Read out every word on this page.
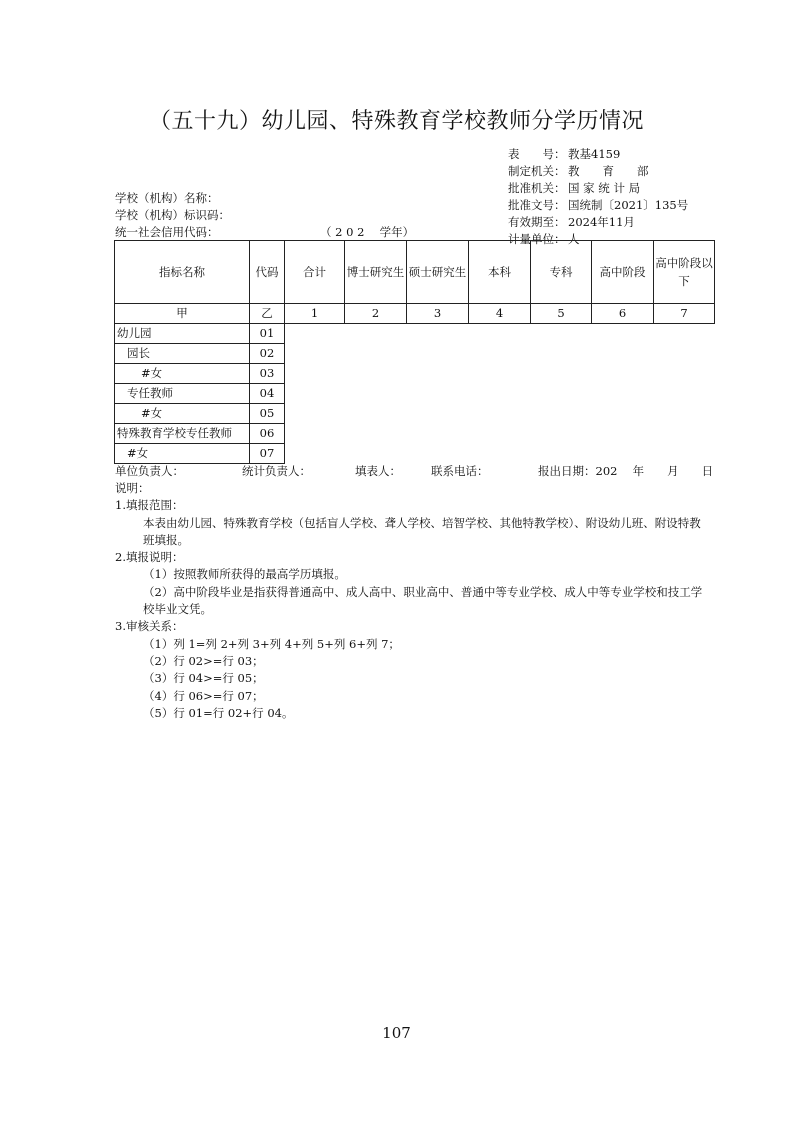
（五十九）幼儿园、特殊教育学校教师分学历情况
表　　号： 教基4159
制定机关： 教　　育　　部
批准机关： 国 家 统 计 局
批准文号： 国统制〔2021〕135号
有效期至： 2024年11月
计量单位： 人
学校（机构）名称：
学校（机构）标识码：
统一社会信用代码：	（ 2 0 2 　学年）
指标名称	代码	合计	博士研究生	硕士研究生	本科	专科	高中阶段	高中阶段以下
甲	乙	1	2	3	4	5	6	7
幼儿园	01							
园长	02							
#女	03							
专任教师	04							
#女	05							
特殊教育学校专任教师	06							
#女	07							
单位负责人：	统计负责人：	填表人：	联系电话：	报出日期：202　 年　　月　　日

说明：

1.填报范围：

本表由幼儿园、特殊教育学校（包括盲人学校、聋人学校、培智学校、其他特教学校）、附设幼儿班、附设特教班填报。

2.填报说明：

（1）按照教师所获得的最高学历填报。

（2）高中阶段毕业是指获得普通高中、成人高中、职业高中、普通中等专业学校、成人中等专业学校和技工学校毕业文凭。

3.审核关系：

（1）列 1=列 2+列 3+列 4+列 5+列 6+列 7；

（2）行 02>=行 03；

（3）行 04>=行 05；

（4）行 06>=行 07；

（5）行 01=行 02+行 04。

107
